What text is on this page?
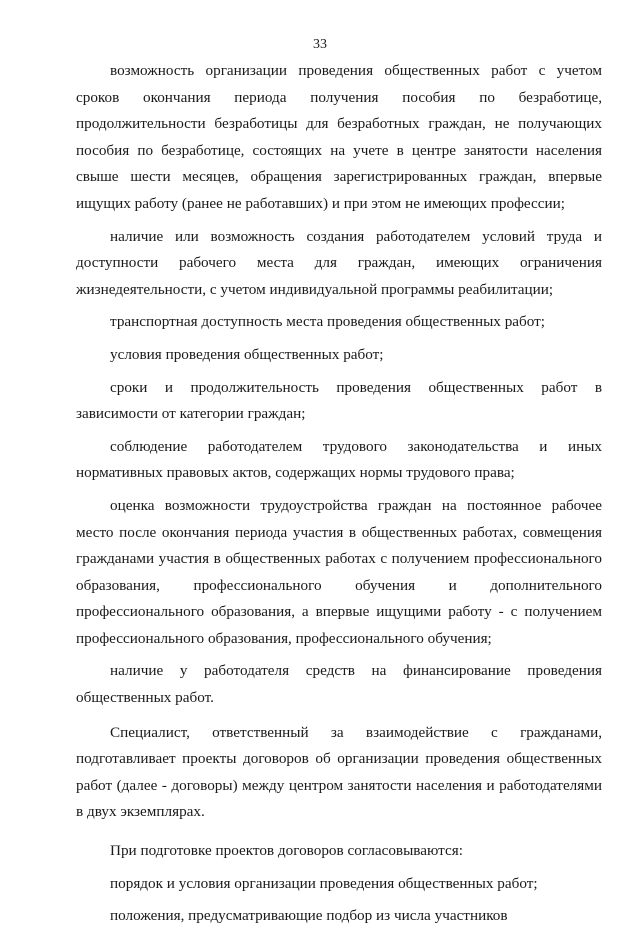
33

возможность организации проведения общественных работ с учетом сроков окончания периода получения пособия по безработице, продолжительности безработицы для безработных граждан, не получающих пособия по безработице, состоящих на учете в центре занятости населения свыше шести месяцев, обращения зарегистрированных граждан, впервые ищущих работу (ранее не работавших) и при этом не имеющих профессии;

наличие или возможность создания работодателем условий труда и доступности рабочего места для граждан, имеющих ограничения жизнедеятельности, с учетом индивидуальной программы реабилитации;

транспортная доступность места проведения общественных работ;

условия проведения общественных работ;

сроки и продолжительность проведения общественных работ в зависимости от категории граждан;

соблюдение работодателем трудового законодательства и иных нормативных правовых актов, содержащих нормы трудового права;

оценка возможности трудоустройства граждан на постоянное рабочее место после окончания периода участия в общественных работах, совмещения гражданами участия в общественных работах с получением профессионального образования, профессионального обучения и дополнительного профессионального образования, а впервые ищущими работу - с получением профессионального образования, профессионального обучения;

наличие у работодателя средств на финансирование проведения общественных работ.

Специалист, ответственный за взаимодействие с гражданами, подготавливает проекты договоров об организации проведения общественных работ (далее - договоры) между центром занятости населения и работодателями в двух экземплярах.

При подготовке проектов договоров согласовываются:

порядок и условия организации проведения общественных работ;

положения, предусматривающие подбор из числа участников
